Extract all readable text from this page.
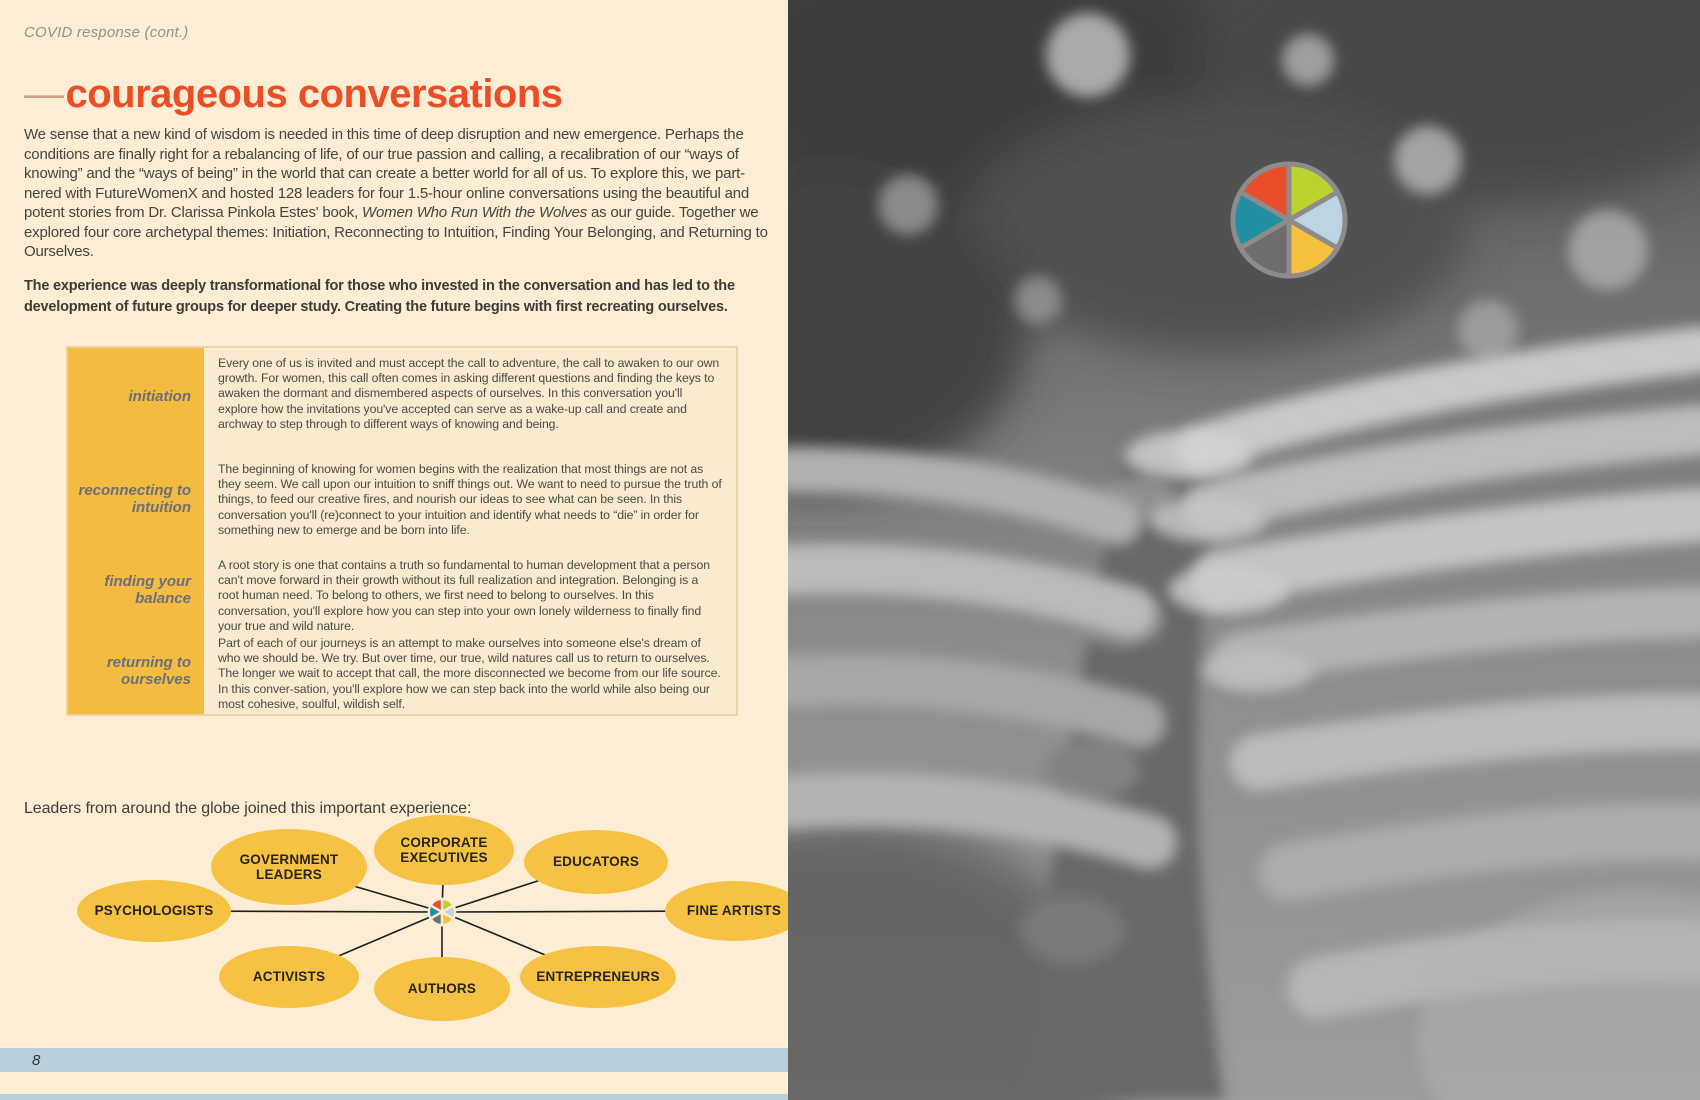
COVID response (cont.)
—courageous conversations
We sense that a new kind of wisdom is needed in this time of deep disruption and new emergence. Perhaps the conditions are finally right for a rebalancing of life, of our true passion and calling, a recalibration of our “ways of knowing” and the “ways of being” in the world that can create a better world for all of us. To explore this, we part-nered with FutureWomenX and hosted 128 leaders for four 1.5-hour online conversations using the beautiful and potent stories from Dr. Clarissa Pinkola Estes' book, Women Who Run With the Wolves as our guide. Together we explored four core archetypal themes: Initiation, Reconnecting to Intuition, Finding Your Belonging, and Returning to Ourselves.
The experience was deeply transformational for those who invested in the conversation and has led to the development of future groups for deeper study. Creating the future begins with first recreating ourselves.
initiation
reconnecting to intuition
finding your balance
returning to ourselves
Every one of us is invited and must accept the call to adventure, the call to awaken to our own growth. For women, this call often comes in asking different questions and finding the keys to awaken the dormant and dismembered aspects of ourselves. In this conversation you'll explore how the invitations you've accepted can serve as a wake-up call and create and archway to step through to different ways of knowing and being.
The beginning of knowing for women begins with the realization that most things are not as they seem. We call upon our intuition to sniff things out. We want to need to pursue the truth of things, to feed our creative fires, and nourish our ideas to see what can be seen. In this conversation you'll (re)connect to your intuition and identify what needs to “die” in order for something new to emerge and be born into life.
A root story is one that contains a truth so fundamental to human development that a person can't move forward in their growth without its full realization and integration. Belonging is a root human need. To belong to others, we first need to belong to ourselves. In this conversation, you'll explore how you can step into your own lonely wilderness to finally find your true and wild nature.
Part of each of our journeys is an attempt to make ourselves into someone else's dream of who we should be. We try. But over time, our true, wild natures call us to return to ourselves. The longer we wait to accept that call, the more disconnected we become from our life source. In this conver-sation, you'll explore how we can step back into the world while also being our most cohesive, soulful, wildish self.
Leaders from around the globe joined this important experience:
GOVERNMENT LEADERS
CORPORATE EXECUTIVES	EDUCATORS
PSYCHOLOGISTS	FINE ARTISTS
ACTIVISTS
AUTHORS
ENTREPRENEURS
8
